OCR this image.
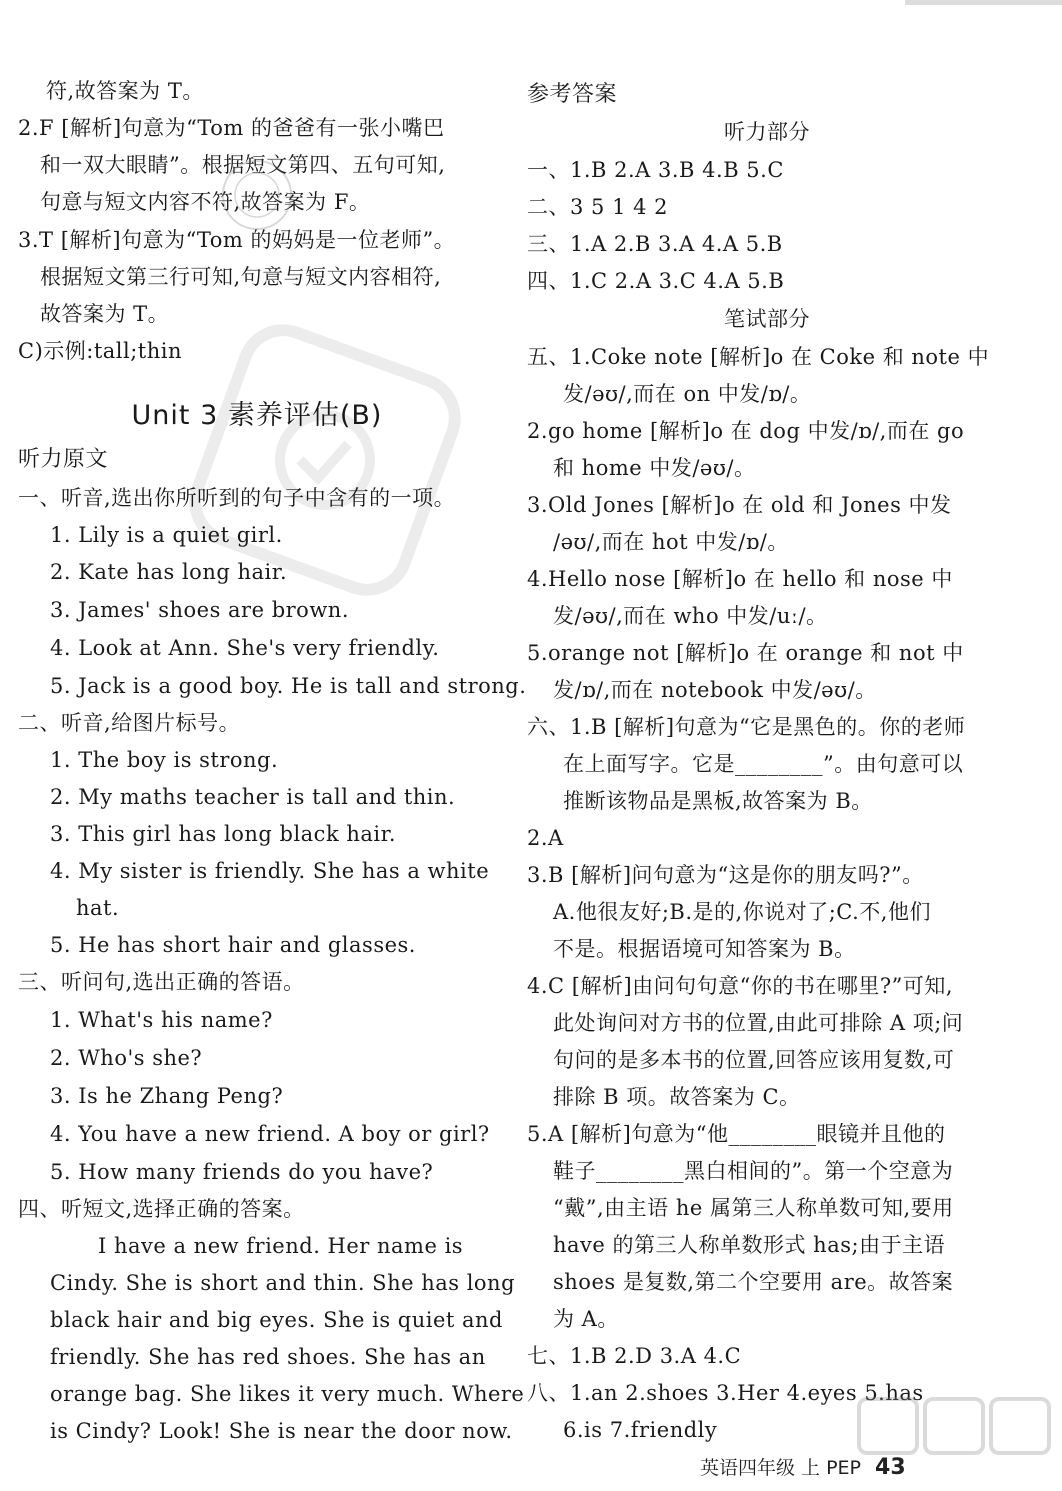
符,故答案为 T。
2.F [解析]句意为“Tom 的爸爸有一张小嘴巴
和一双大眼睛”。根据短文第四、五句可知,
句意与短文内容不符,故答案为 F。
3.T [解析]句意为“Tom 的妈妈是一位老师”。
根据短文第三行可知,句意与短文内容相符,
故答案为 T。
C)示例:tall;thin
Unit 3 素养评估(B)
听力原文
一、听音,选出你所听到的句子中含有的一项。
1. Lily is a quiet girl.
2. Kate has long hair.
3. James' shoes are brown.
4. Look at Ann. She's very friendly.
5. Jack is a good boy. He is tall and strong.
二、听音,给图片标号。
1. The boy is strong.
2. My maths teacher is tall and thin.
3. This girl has long black hair.
4. My sister is friendly. She has a white
hat.
5. He has short hair and glasses.
三、听问句,选出正确的答语。
1. What's his name?
2. Who's she?
3. Is he Zhang Peng?
4. You have a new friend. A boy or girl?
5. How many friends do you have?
四、听短文,选择正确的答案。
I have a new friend. Her name is
Cindy. She is short and thin. She has long
black hair and big eyes. She is quiet and
friendly. She has red shoes. She has an
orange bag. She likes it very much. Where
is Cindy? Look! She is near the door now.
参考答案
听力部分
一、1.B 2.A 3.B 4.B 5.C
二、3 5 1 4 2
三、1.A 2.B 3.A 4.A 5.B
四、1.C 2.A 3.C 4.A 5.B
笔试部分
五、1.Coke note [解析]o 在 Coke 和 note 中
发/əʊ/,而在 on 中发/ɒ/。
2.go home [解析]o 在 dog 中发/ɒ/,而在 go
和 home 中发/əʊ/。
3.Old Jones [解析]o 在 old 和 Jones 中发
/əʊ/,而在 hot 中发/ɒ/。
4.Hello nose [解析]o 在 hello 和 nose 中
发/əʊ/,而在 who 中发/uː/。
5.orange not [解析]o 在 orange 和 not 中
发/ɒ/,而在 notebook 中发/əʊ/。
六、1.B [解析]句意为“它是黑色的。你的老师
在上面写字。它是________”。由句意可以
推断该物品是黑板,故答案为 B。
2.A
3.B [解析]问句意为“这是你的朋友吗?”。
A.他很友好;B.是的,你说对了;C.不,他们
不是。根据语境可知答案为 B。
4.C [解析]由问句句意“你的书在哪里?”可知,
此处询问对方书的位置,由此可排除 A 项;问
句问的是多本书的位置,回答应该用复数,可
排除 B 项。故答案为 C。
5.A [解析]句意为“他________眼镜并且他的
鞋子________黑白相间的”。第一个空意为
“戴”,由主语 he 属第三人称单数可知,要用
have 的第三人称单数形式 has;由于主语
shoes 是复数,第二个空要用 are。故答案
为 A。
七、1.B 2.D 3.A 4.C
八、1.an 2.shoes 3.Her 4.eyes 5.has
6.is 7.friendly
英语四年级 上 PEP 43
